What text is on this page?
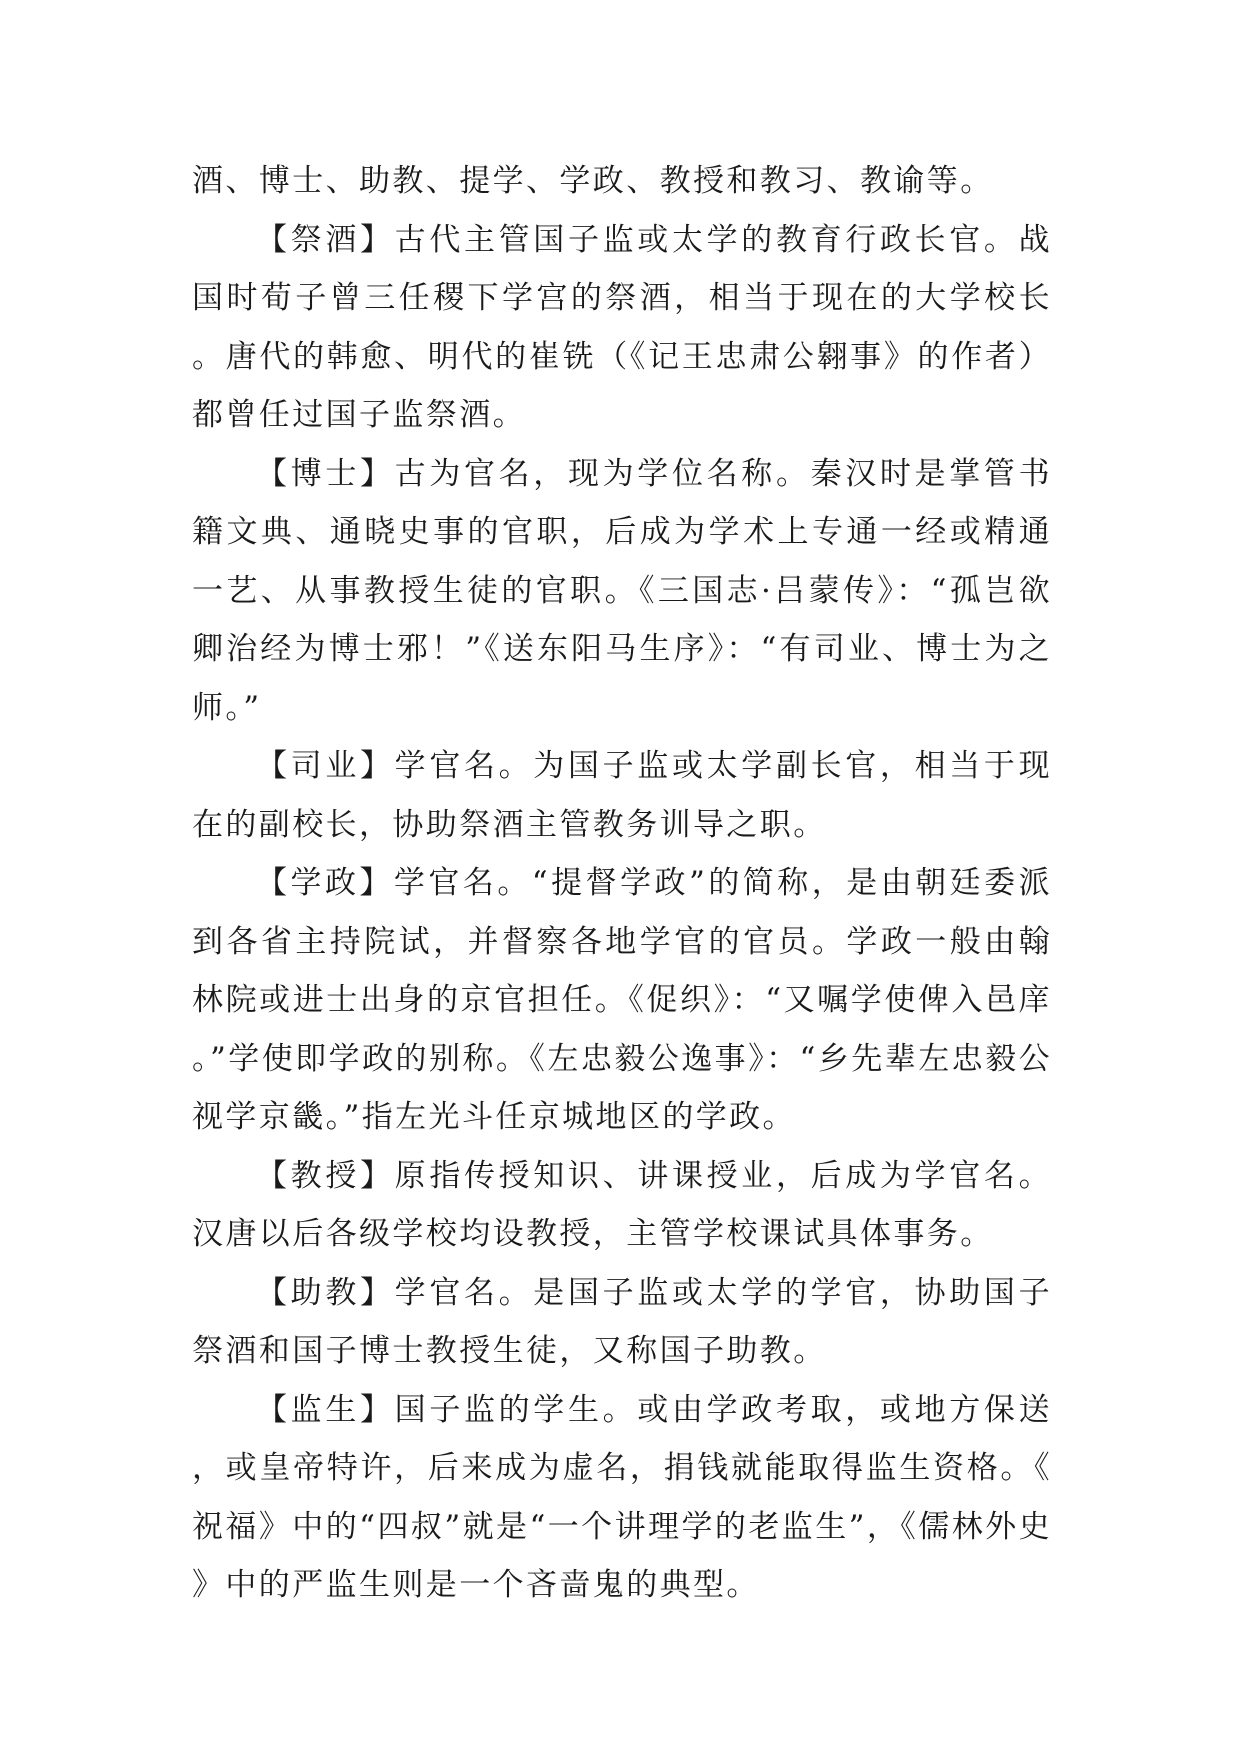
酒、博士、助教、提学、学政、教授和教习、教谕等。

【祭酒】古代主管国子监或太学的教育行政长官。战国时荀子曾三任稷下学宫的祭酒，相当于现在的大学校长。唐代的韩愈、明代的崔铣（《记王忠肃公翱事》的作者）都曾任过国子监祭酒。

【博士】古为官名，现为学位名称。秦汉时是掌管书籍文典、通晓史事的官职，后成为学术上专通一经或精通一艺、从事教授生徒的官职。《三国志·吕蒙传》：“孤岂欲卿治经为博士邪！”《送东阳马生序》：“有司业、博士为之师。”

【司业】学官名。为国子监或太学副长官，相当于现在的副校长，协助祭酒主管教务训导之职。

【学政】学官名。“提督学政”的简称，是由朝廷委派到各省主持院试，并督察各地学官的官员。学政一般由翰林院或进士出身的京官担任。《促织》：“又嘱学使俾入邑庠。”学使即学政的别称。《左忠毅公逸事》：“乡先辈左忠毅公视学京畿。”指左光斗任京城地区的学政。

【教授】原指传授知识、讲课授业，后成为学官名。汉唐以后各级学校均设教授，主管学校课试具体事务。

【助教】学官名。是国子监或太学的学官，协助国子祭酒和国子博士教授生徒，又称国子助教。

【监生】国子监的学生。或由学政考取，或地方保送，或皇帝特许，后来成为虚名，捐钱就能取得监生资格。《祝福》中的“四叔”就是“一个讲理学的老监生”，《儒林外史》中的严监生则是一个吝啬鬼的典型。
